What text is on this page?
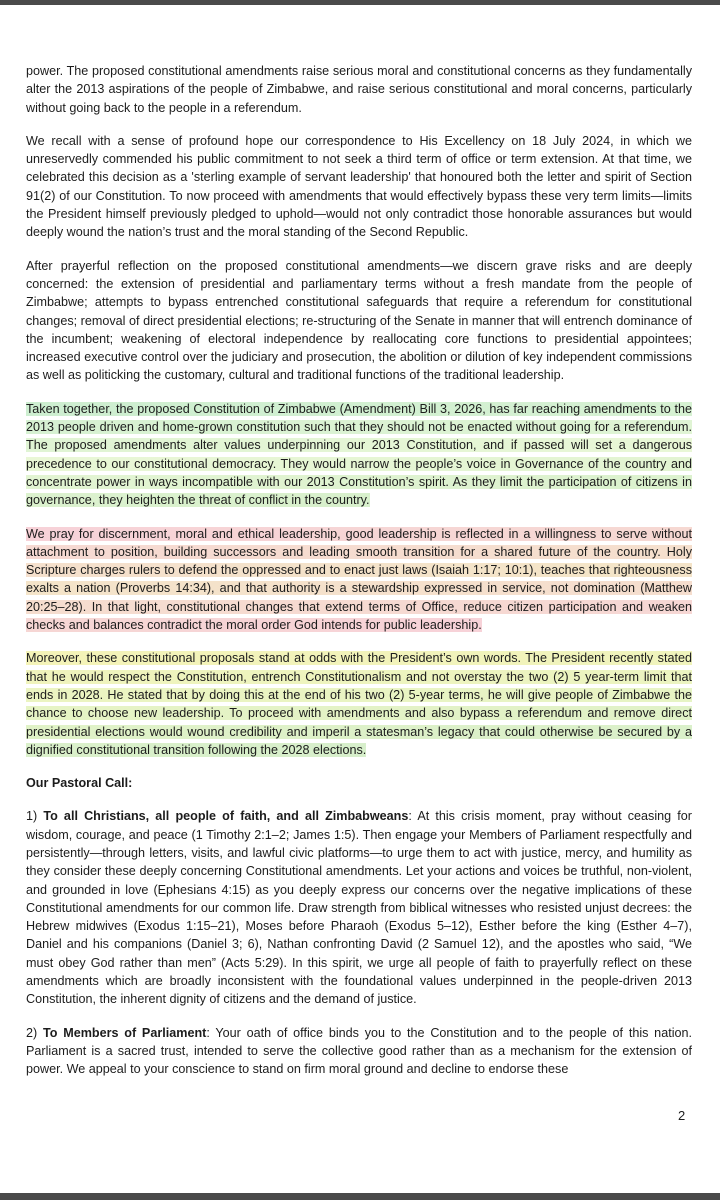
power. The proposed constitutional amendments raise serious moral and constitutional concerns as they fundamentally alter the 2013 aspirations of the people of Zimbabwe, and raise serious constitutional and moral concerns, particularly without going back to the people in a referendum.

We recall with a sense of profound hope our correspondence to His Excellency on 18 July 2024, in which we unreservedly commended his public commitment to not seek a third term of office or term extension. At that time, we celebrated this decision as a 'sterling example of servant leadership' that honoured both the letter and spirit of Section 91(2) of our Constitution. To now proceed with amendments that would effectively bypass these very term limits—limits the President himself previously pledged to uphold—would not only contradict those honorable assurances but would deeply wound the nation’s trust and the moral standing of the Second Republic.

After prayerful reflection on the proposed constitutional amendments—we discern grave risks and are deeply concerned: the extension of presidential and parliamentary terms without a fresh mandate from the people of Zimbabwe; attempts to bypass entrenched constitutional safeguards that require a referendum for constitutional changes; removal of direct presidential elections; re-structuring of the Senate in manner that will entrench dominance of the incumbent; weakening of electoral independence by reallocating core functions to presidential appointees; increased executive control over the judiciary and prosecution, the abolition or dilution of key independent commissions as well as politicking the customary, cultural and traditional functions of the traditional leadership.

Taken together, the proposed Constitution of Zimbabwe (Amendment) Bill 3, 2026, has far reaching amendments to the 2013 people driven and home-grown constitution such that they should not be enacted without going for a referendum. The proposed amendments alter values underpinning our 2013 Constitution, and if passed will set a dangerous precedence to our constitutional democracy. They would narrow the people’s voice in Governance of the country and concentrate power in ways incompatible with our 2013 Constitution’s spirit. As they limit the participation of citizens in governance, they heighten the threat of conflict in the country.

We pray for discernment, moral and ethical leadership, good leadership is reflected in a willingness to serve without attachment to position, building successors and leading smooth transition for a shared future of the country. Holy Scripture charges rulers to defend the oppressed and to enact just laws (Isaiah 1:17; 10:1), teaches that righteousness exalts a nation (Proverbs 14:34), and that authority is a stewardship expressed in service, not domination (Matthew 20:25–28). In that light, constitutional changes that extend terms of Office, reduce citizen participation and weaken checks and balances contradict the moral order God intends for public leadership.

Moreover, these constitutional proposals stand at odds with the President’s own words. The President recently stated that he would respect the Constitution, entrench Constitutionalism and not overstay the two (2) 5 year-term limit that ends in 2028. He stated that by doing this at the end of his two (2) 5-year terms, he will give people of Zimbabwe the chance to choose new leadership. To proceed with amendments and also bypass a referendum and remove direct presidential elections would wound credibility and imperil a statesman’s legacy that could otherwise be secured by a dignified constitutional transition following the 2028 elections.

Our Pastoral Call:

1) To all Christians, all people of faith, and all Zimbabweans: At this crisis moment, pray without ceasing for wisdom, courage, and peace (1 Timothy 2:1–2; James 1:5). Then engage your Members of Parliament respectfully and persistently—through letters, visits, and lawful civic platforms—to urge them to act with justice, mercy, and humility as they consider these deeply concerning Constitutional amendments. Let your actions and voices be truthful, non-violent, and grounded in love (Ephesians 4:15) as you deeply express our concerns over the negative implications of these Constitutional amendments for our common life. Draw strength from biblical witnesses who resisted unjust decrees: the Hebrew midwives (Exodus 1:15–21), Moses before Pharaoh (Exodus 5–12), Esther before the king (Esther 4–7), Daniel and his companions (Daniel 3; 6), Nathan confronting David (2 Samuel 12), and the apostles who said, “We must obey God rather than men” (Acts 5:29). In this spirit, we urge all people of faith to prayerfully reflect on these amendments which are broadly inconsistent with the foundational values underpinned in the people-driven 2013 Constitution, the inherent dignity of citizens and the demand of justice.

2) To Members of Parliament: Your oath of office binds you to the Constitution and to the people of this nation. Parliament is a sacred trust, intended to serve the collective good rather than as a mechanism for the extension of power. We appeal to your conscience to stand on firm moral ground and decline to endorse these

2
